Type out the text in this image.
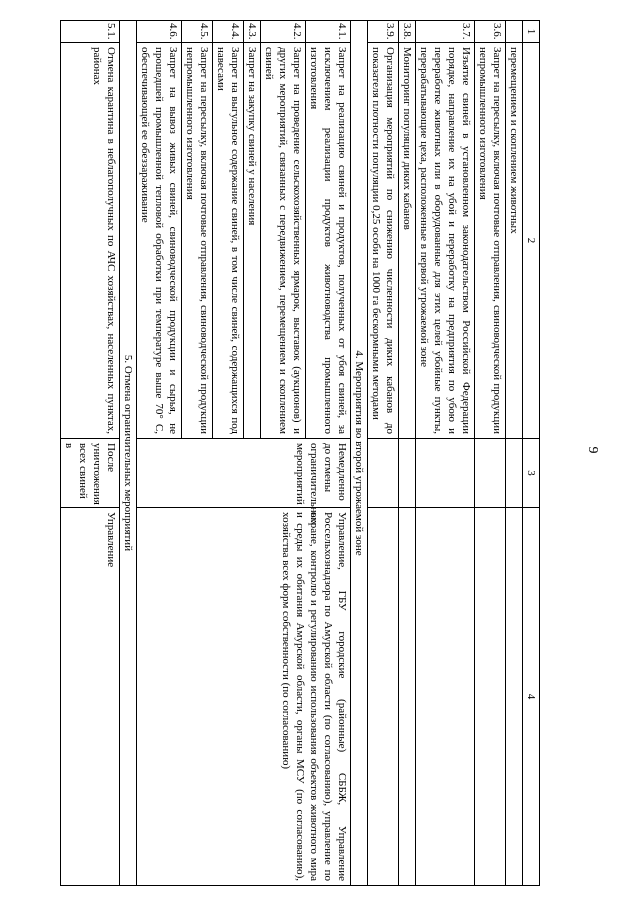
9
1	2	3	4
	перемещением и скоплением животных		
3.6.	Запрет на пересылку, включая почтовые отправления, свиноводческой продукции непромышленного изготовления		
3.7.	Изъятие свиней в установленном законодательством Российской Федерации порядке, направление их на убой и переработку на предприятия по убою и переработке животных или в оборудованные для этих целей убойные пункты, перерабатывающие цеха, расположенные в первой угрожаемой зоне		
3.8.	Мониторинг популяции диких кабанов		
3.9.	Организация мероприятий по снижению численности диких кабанов до показателя плотности популяции 0,25 особи на 1000 га бескормными методами		
4. Мероприятия во второй угрожаемой зоне			
4.1.	Запрет на реализацию свиней и продуктов, полученных от убоя свиней, за исключением реализации продуктов животноводства промышленного изготовления	Немедленно до отмены ограничительных мероприятий	Управление, ГБУ городские (районные) СББЖ, Управление Россельхознадзора по Амурской области (по согласованию), управление по охране, контролю и регулированию использования объектов животного мира и среды их обитания Амурской области, органы МСУ (по согласованию), хозяйства всех форм собственности (по согласованию)
4.2.	Запрет на проведение сельскохозяйственных ярмарок, выставок (аукционов) и других мероприятий, связанных с передвижением, перемещением и скоплением свиней		
4.3.	Запрет на закупку свиней у населения		
4.4.	Запрет на выгульное содержание свиней, в том числе свиней, содержащихся под навесами		
4.5.	Запрет на пересылку, включая почтовые отправления, свиноводческой продукции непромышленного изготовления		
4.6.	Запрет на вывоз живых свиней, свиноводческой продукции и сырья, не прошедшей промышленной тепловой обработки при температуре выше 70° С, обеспечивающей ее обеззараживание		
5. Отмена ограничительных мероприятий			
5.1.	Отмена карантина в неблагополучных по АЧС хозяйствах, населенных пунктах, районах	После уничтожения всех свиней в	Управление
